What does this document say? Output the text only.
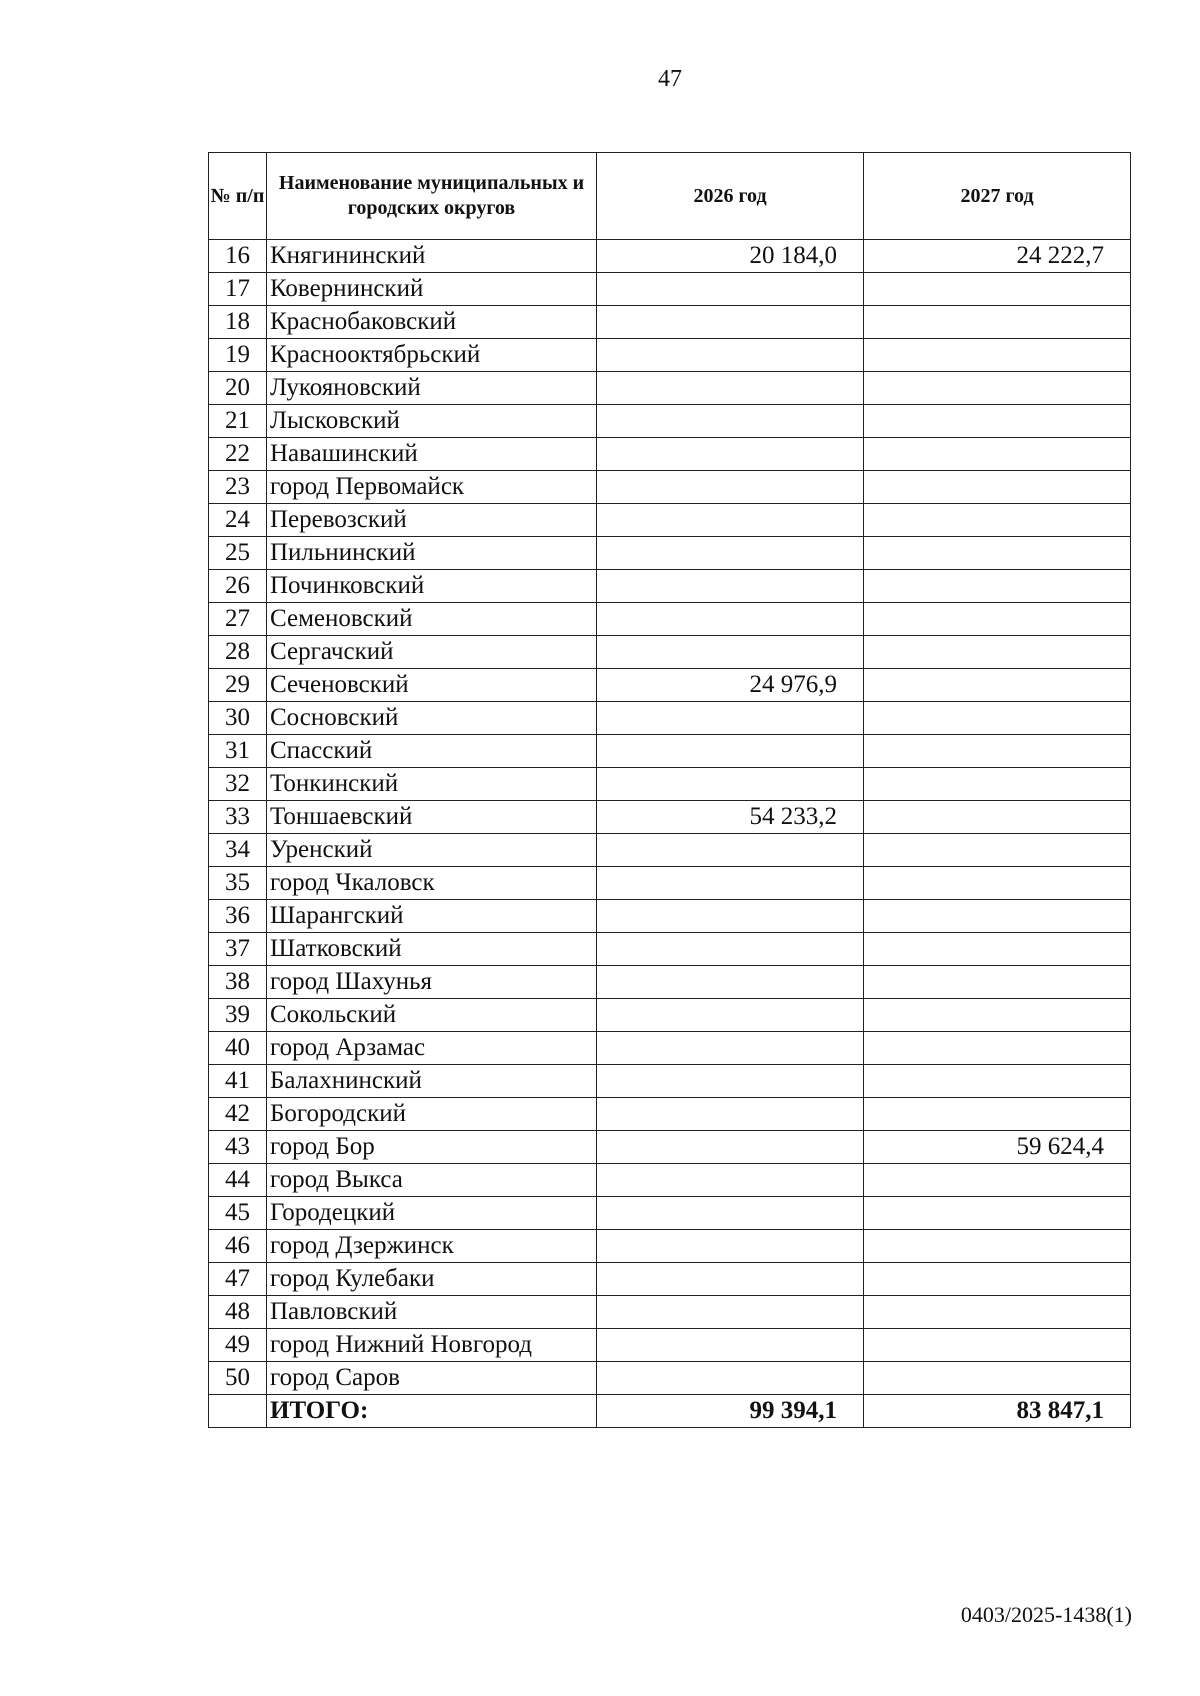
47
№ п/п	Наименование муниципальных и городских округов	2026 год	2027 год
16	Княгининский	20 184,0	24 222,7
17	Ковернинский		
18	Краснобаковский		
19	Краснооктябрьский		
20	Лукояновский		
21	Лысковский		
22	Навашинский		
23	город Первомайск		
24	Перевозский		
25	Пильнинский		
26	Починковский		
27	Семеновский		
28	Сергачский		
29	Сеченовский	24 976,9	
30	Сосновский		
31	Спасский		
32	Тонкинский		
33	Тоншаевский	54 233,2	
34	Уренский		
35	город Чкаловск		
36	Шарангский		
37	Шатковский		
38	город Шахунья		
39	Сокольский		
40	город Арзамас		
41	Балахнинский		
42	Богородский		
43	город Бор		59 624,4
44	город Выкса		
45	Городецкий		
46	город Дзержинск		
47	город Кулебаки		
48	Павловский		
49	город Нижний Новгород		
50	город Саров		
	ИТОГО:	99 394,1	83 847,1
0403/2025-1438(1)
